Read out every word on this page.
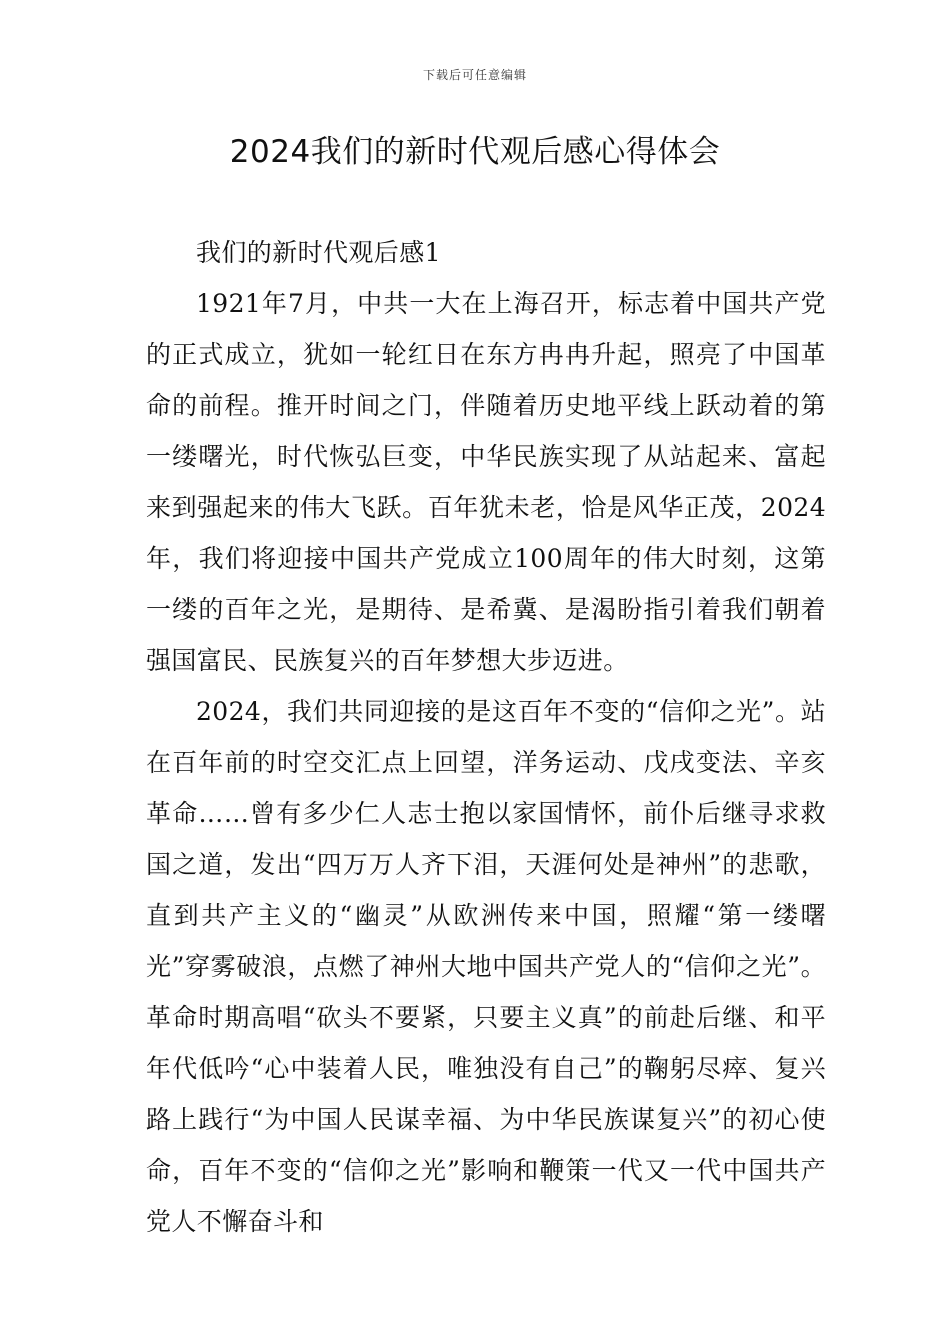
下载后可任意编辑
2024我们的新时代观后感心得体会

我们的新时代观后感1

1921年7月，中共一大在上海召开，标志着中国共产党的正式成立，犹如一轮红日在东方冉冉升起，照亮了中国革命的前程。推开时间之门，伴随着历史地平线上跃动着的第一缕曙光，时代恢弘巨变，中华民族实现了从站起来、富起来到强起来的伟大飞跃。百年犹未老，恰是风华正茂，2024年，我们将迎接中国共产党成立100周年的伟大时刻，这第一缕的百年之光，是期待、是希冀、是渴盼指引着我们朝着强国富民、民族复兴的百年梦想大步迈进。

2024，我们共同迎接的是这百年不变的“信仰之光”。站在百年前的时空交汇点上回望，洋务运动、戊戌变法、辛亥革命……曾有多少仁人志士抱以家国情怀，前仆后继寻求救国之道，发出“四万万人齐下泪，天涯何处是神州”的悲歌，直到共产主义的“幽灵”从欧洲传来中国，照耀“第一缕曙光”穿雾破浪，点燃了神州大地中国共产党人的“信仰之光”。革命时期高唱“砍头不要紧，只要主义真”的前赴后继、和平年代低吟“心中装着人民，唯独没有自己”的鞠躬尽瘁、复兴路上践行“为中国人民谋幸福、为中华民族谋复兴”的初心使命，百年不变的“信仰之光”影响和鞭策一代又一代中国共产党人不懈奋斗和
